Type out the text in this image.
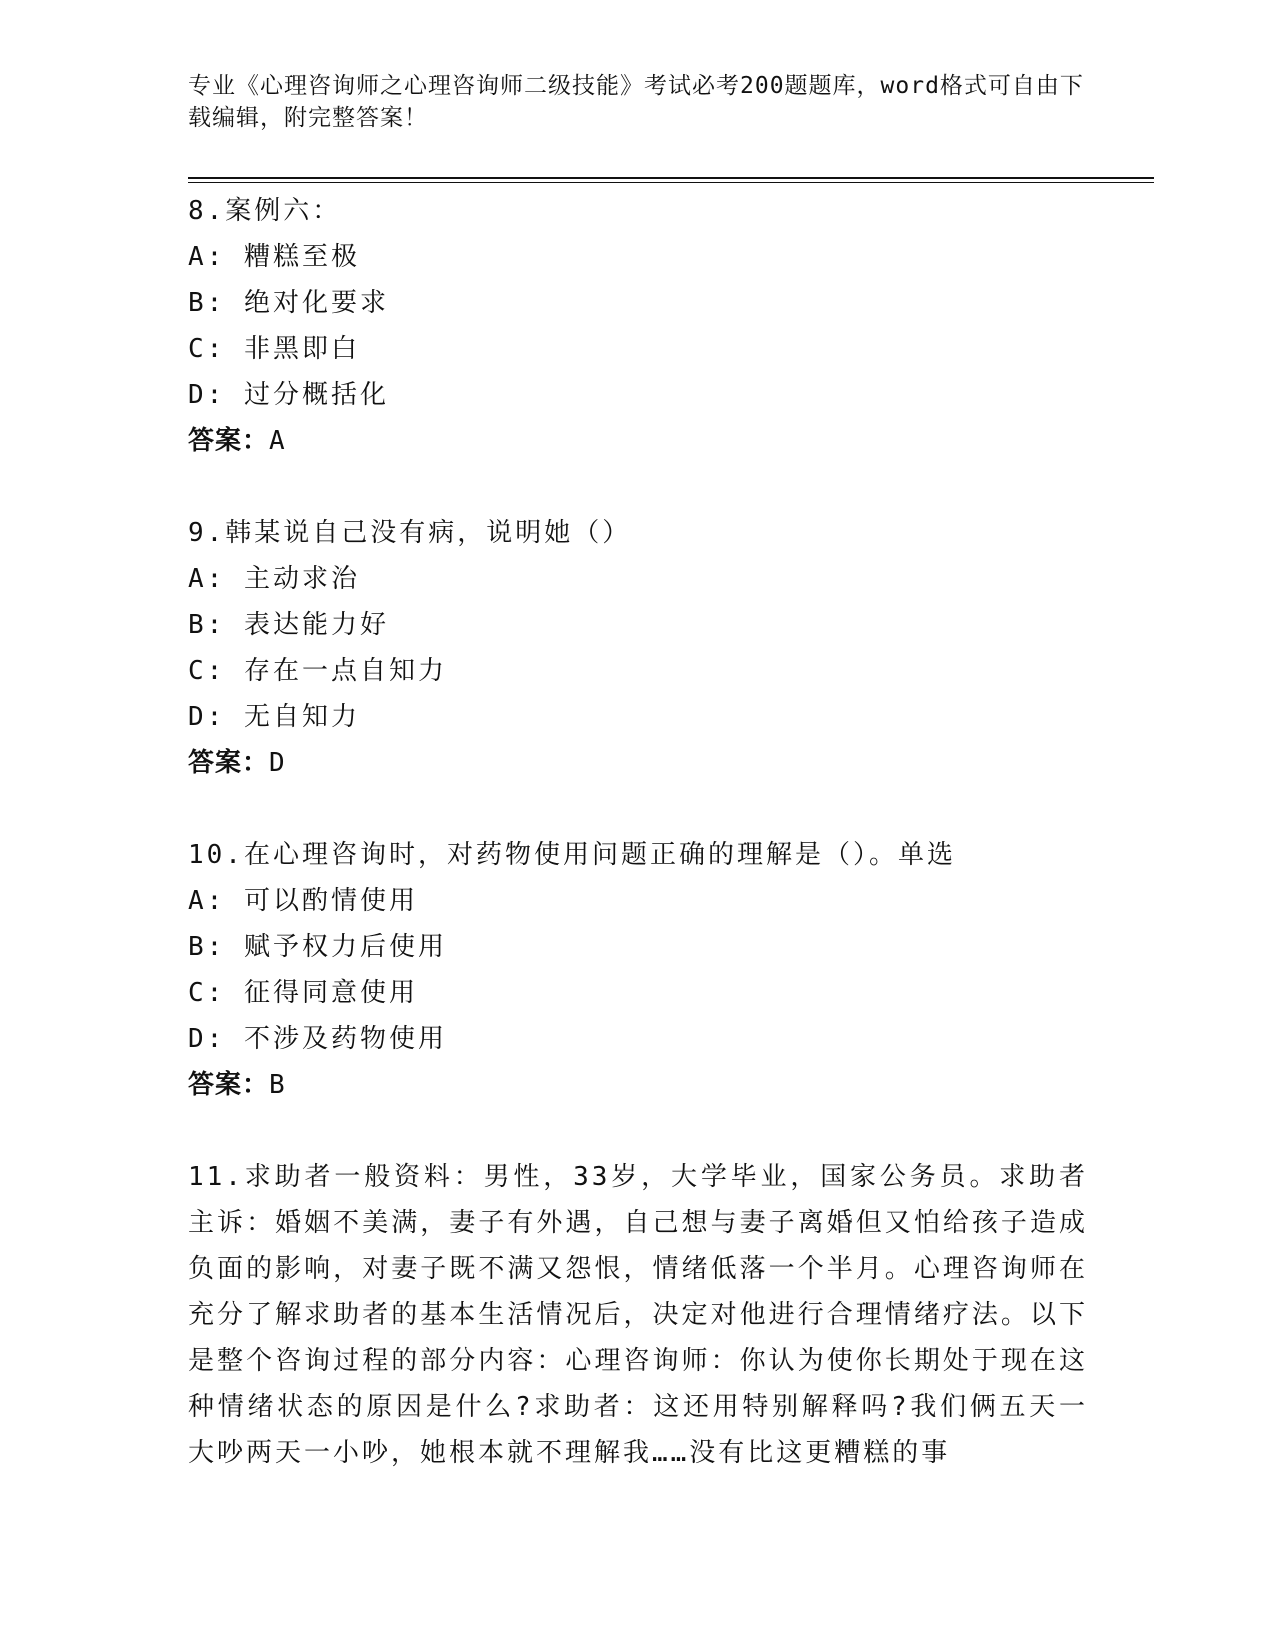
专业《心理咨询师之心理咨询师二级技能》考试必考200题题库，word格式可自由下载编辑，附完整答案！
8.案例六：
A: 糟糕至极
B: 绝对化要求
C: 非黑即白
D: 过分概括化
答案：A
9.韩某说自己没有病，说明她（）
A: 主动求治
B: 表达能力好
C: 存在一点自知力
D: 无自知力
答案：D
10.在心理咨询时，对药物使用问题正确的理解是（）。单选
A: 可以酌情使用
B: 赋予权力后使用
C: 征得同意使用
D: 不涉及药物使用
答案：B
11.求助者一般资料：男性，33岁，大学毕业，国家公务员。求助者主诉：婚姻不美满，妻子有外遇，自己想与妻子离婚但又怕给孩子造成负面的影响，对妻子既不满又怨恨，情绪低落一个半月。心理咨询师在充分了解求助者的基本生活情况后，决定对他进行合理情绪疗法。以下是整个咨询过程的部分内容：心理咨询师：你认为使你长期处于现在这种情绪状态的原因是什么?求助者：这还用特别解释吗?我们俩五天一大吵两天一小吵，她根本就不理解我……没有比这更糟糕的事
